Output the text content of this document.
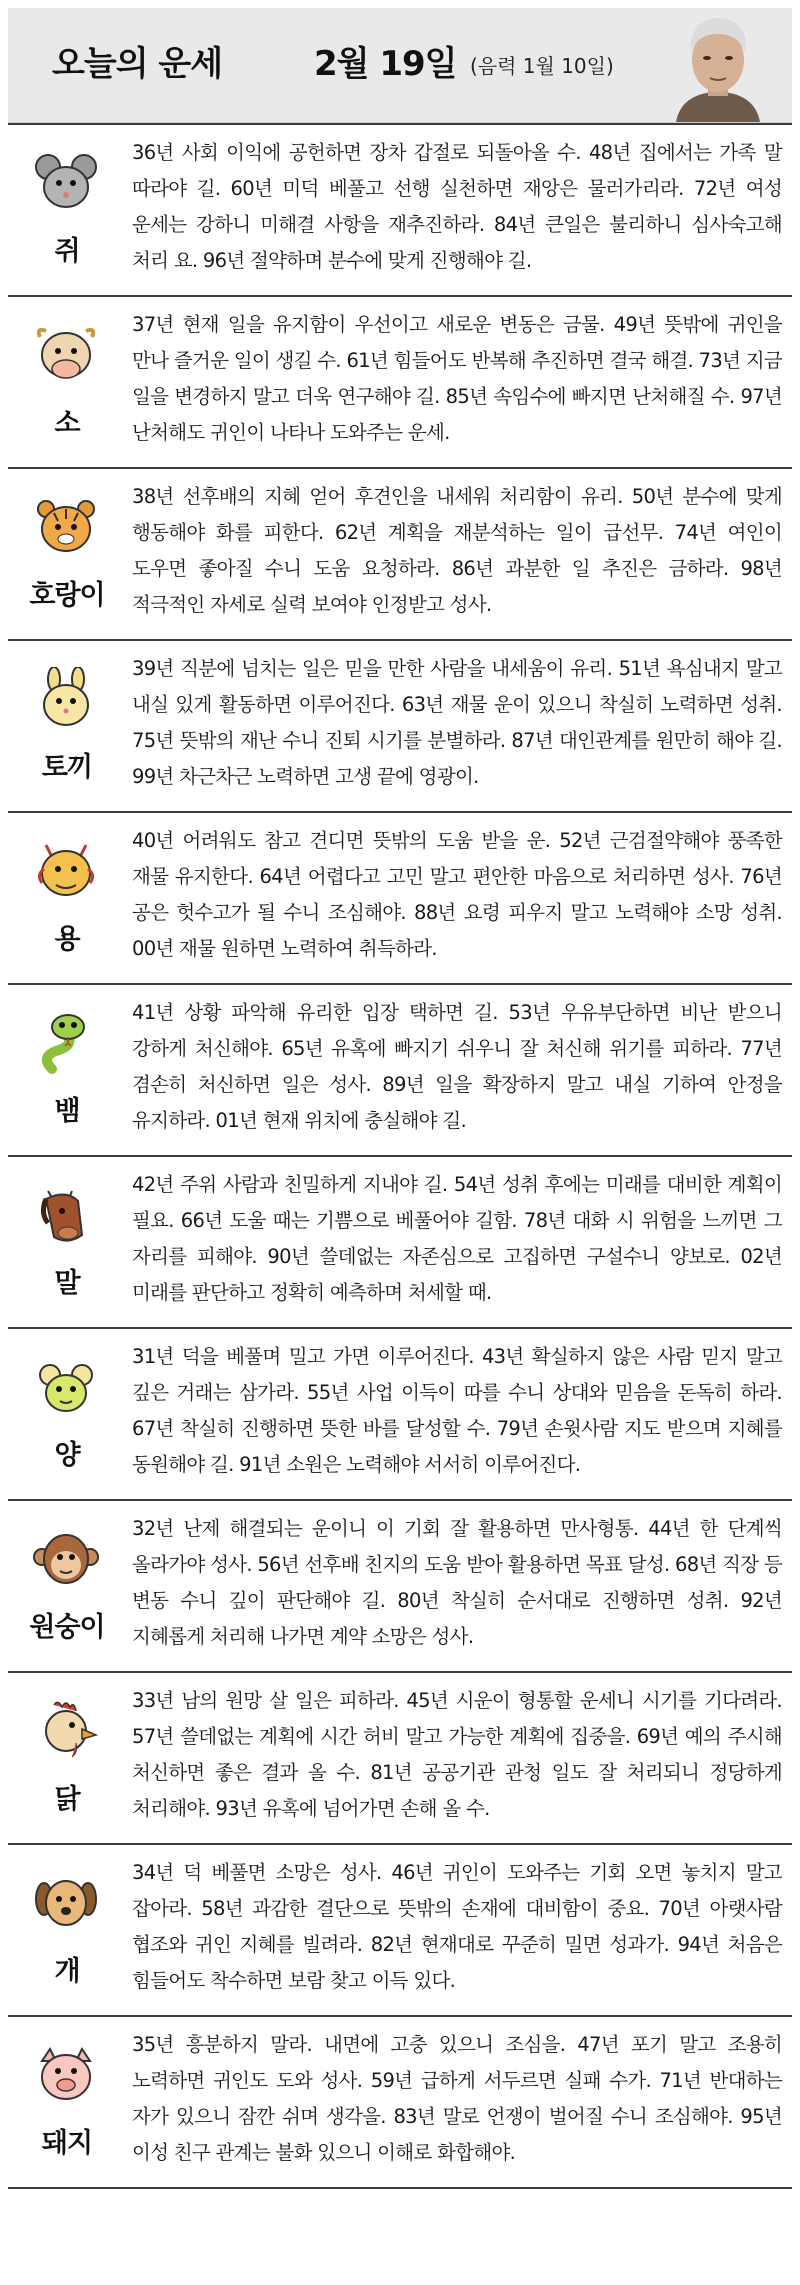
오늘의 운세	2월 19일 (음력 1월 10일)
쥐
36년 사회 이익에 공헌하면 장차 갑절로 되돌아올 수. 48년 집에서는 가족 말 따라야 길. 60년 미덕 베풀고 선행 실천하면 재앙은 물러가리라. 72년 여성 운세는 강하니 미해결 사항을 재추진하라. 84년 큰일은 불리하니 심사숙고해 처리 요. 96년 절약하며 분수에 맞게 진행해야 길.
소
37년 현재 일을 유지함이 우선이고 새로운 변동은 금물. 49년 뜻밖에 귀인을 만나 즐거운 일이 생길 수. 61년 힘들어도 반복해 추진하면 결국 해결. 73년 지금 일을 변경하지 말고 더욱 연구해야 길. 85년 속임수에 빠지면 난처해질 수. 97년 난처해도 귀인이 나타나 도와주는 운세.
호랑이
38년 선후배의 지혜 얻어 후견인을 내세워 처리함이 유리. 50년 분수에 맞게 행동해야 화를 피한다. 62년 계획을 재분석하는 일이 급선무. 74년 여인이 도우면 좋아질 수니 도움 요청하라. 86년 과분한 일 추진은 금하라. 98년 적극적인 자세로 실력 보여야 인정받고 성사.
토끼
39년 직분에 넘치는 일은 믿을 만한 사람을 내세움이 유리. 51년 욕심내지 말고 내실 있게 활동하면 이루어진다. 63년 재물 운이 있으니 착실히 노력하면 성취. 75년 뜻밖의 재난 수니 진퇴 시기를 분별하라. 87년 대인관계를 원만히 해야 길. 99년 차근차근 노력하면 고생 끝에 영광이.
용
40년 어려워도 참고 견디면 뜻밖의 도움 받을 운. 52년 근검절약해야 풍족한 재물 유지한다. 64년 어렵다고 고민 말고 편안한 마음으로 처리하면 성사. 76년 공은 헛수고가 될 수니 조심해야. 88년 요령 피우지 말고 노력해야 소망 성취. 00년 재물 원하면 노력하여 취득하라.
뱀
41년 상황 파악해 유리한 입장 택하면 길. 53년 우유부단하면 비난 받으니 강하게 처신해야. 65년 유혹에 빠지기 쉬우니 잘 처신해 위기를 피하라. 77년 겸손히 처신하면 일은 성사. 89년 일을 확장하지 말고 내실 기하여 안정을 유지하라. 01년 현재 위치에 충실해야 길.
말
42년 주위 사람과 친밀하게 지내야 길. 54년 성취 후에는 미래를 대비한 계획이 필요. 66년 도울 때는 기쁨으로 베풀어야 길함. 78년 대화 시 위험을 느끼면 그 자리를 피해야. 90년 쓸데없는 자존심으로 고집하면 구설수니 양보로. 02년 미래를 판단하고 정확히 예측하며 처세할 때.
양
31년 덕을 베풀며 밀고 가면 이루어진다. 43년 확실하지 않은 사람 믿지 말고 깊은 거래는 삼가라. 55년 사업 이득이 따를 수니 상대와 믿음을 돈독히 하라. 67년 착실히 진행하면 뜻한 바를 달성할 수. 79년 손윗사람 지도 받으며 지혜를 동원해야 길. 91년 소원은 노력해야 서서히 이루어진다.
원숭이
32년 난제 해결되는 운이니 이 기회 잘 활용하면 만사형통. 44년 한 단계씩 올라가야 성사. 56년 선후배 친지의 도움 받아 활용하면 목표 달성. 68년 직장 등 변동 수니 깊이 판단해야 길. 80년 착실히 순서대로 진행하면 성취. 92년 지혜롭게 처리해 나가면 계약 소망은 성사.
닭
33년 남의 원망 살 일은 피하라. 45년 시운이 형통할 운세니 시기를 기다려라. 57년 쓸데없는 계획에 시간 허비 말고 가능한 계획에 집중을. 69년 예의 주시해 처신하면 좋은 결과 올 수. 81년 공공기관 관청 일도 잘 처리되니 정당하게 처리해야. 93년 유혹에 넘어가면 손해 올 수.
개
34년 덕 베풀면 소망은 성사. 46년 귀인이 도와주는 기회 오면 놓치지 말고 잡아라. 58년 과감한 결단으로 뜻밖의 손재에 대비함이 중요. 70년 아랫사람 협조와 귀인 지혜를 빌려라. 82년 현재대로 꾸준히 밀면 성과가. 94년 처음은 힘들어도 착수하면 보람 찾고 이득 있다.
돼지
35년 흥분하지 말라. 내면에 고충 있으니 조심을. 47년 포기 말고 조용히 노력하면 귀인도 도와 성사. 59년 급하게 서두르면 실패 수가. 71년 반대하는 자가 있으니 잠깐 쉬며 생각을. 83년 말로 언쟁이 벌어질 수니 조심해야. 95년 이성 친구 관계는 불화 있으니 이해로 화합해야.
